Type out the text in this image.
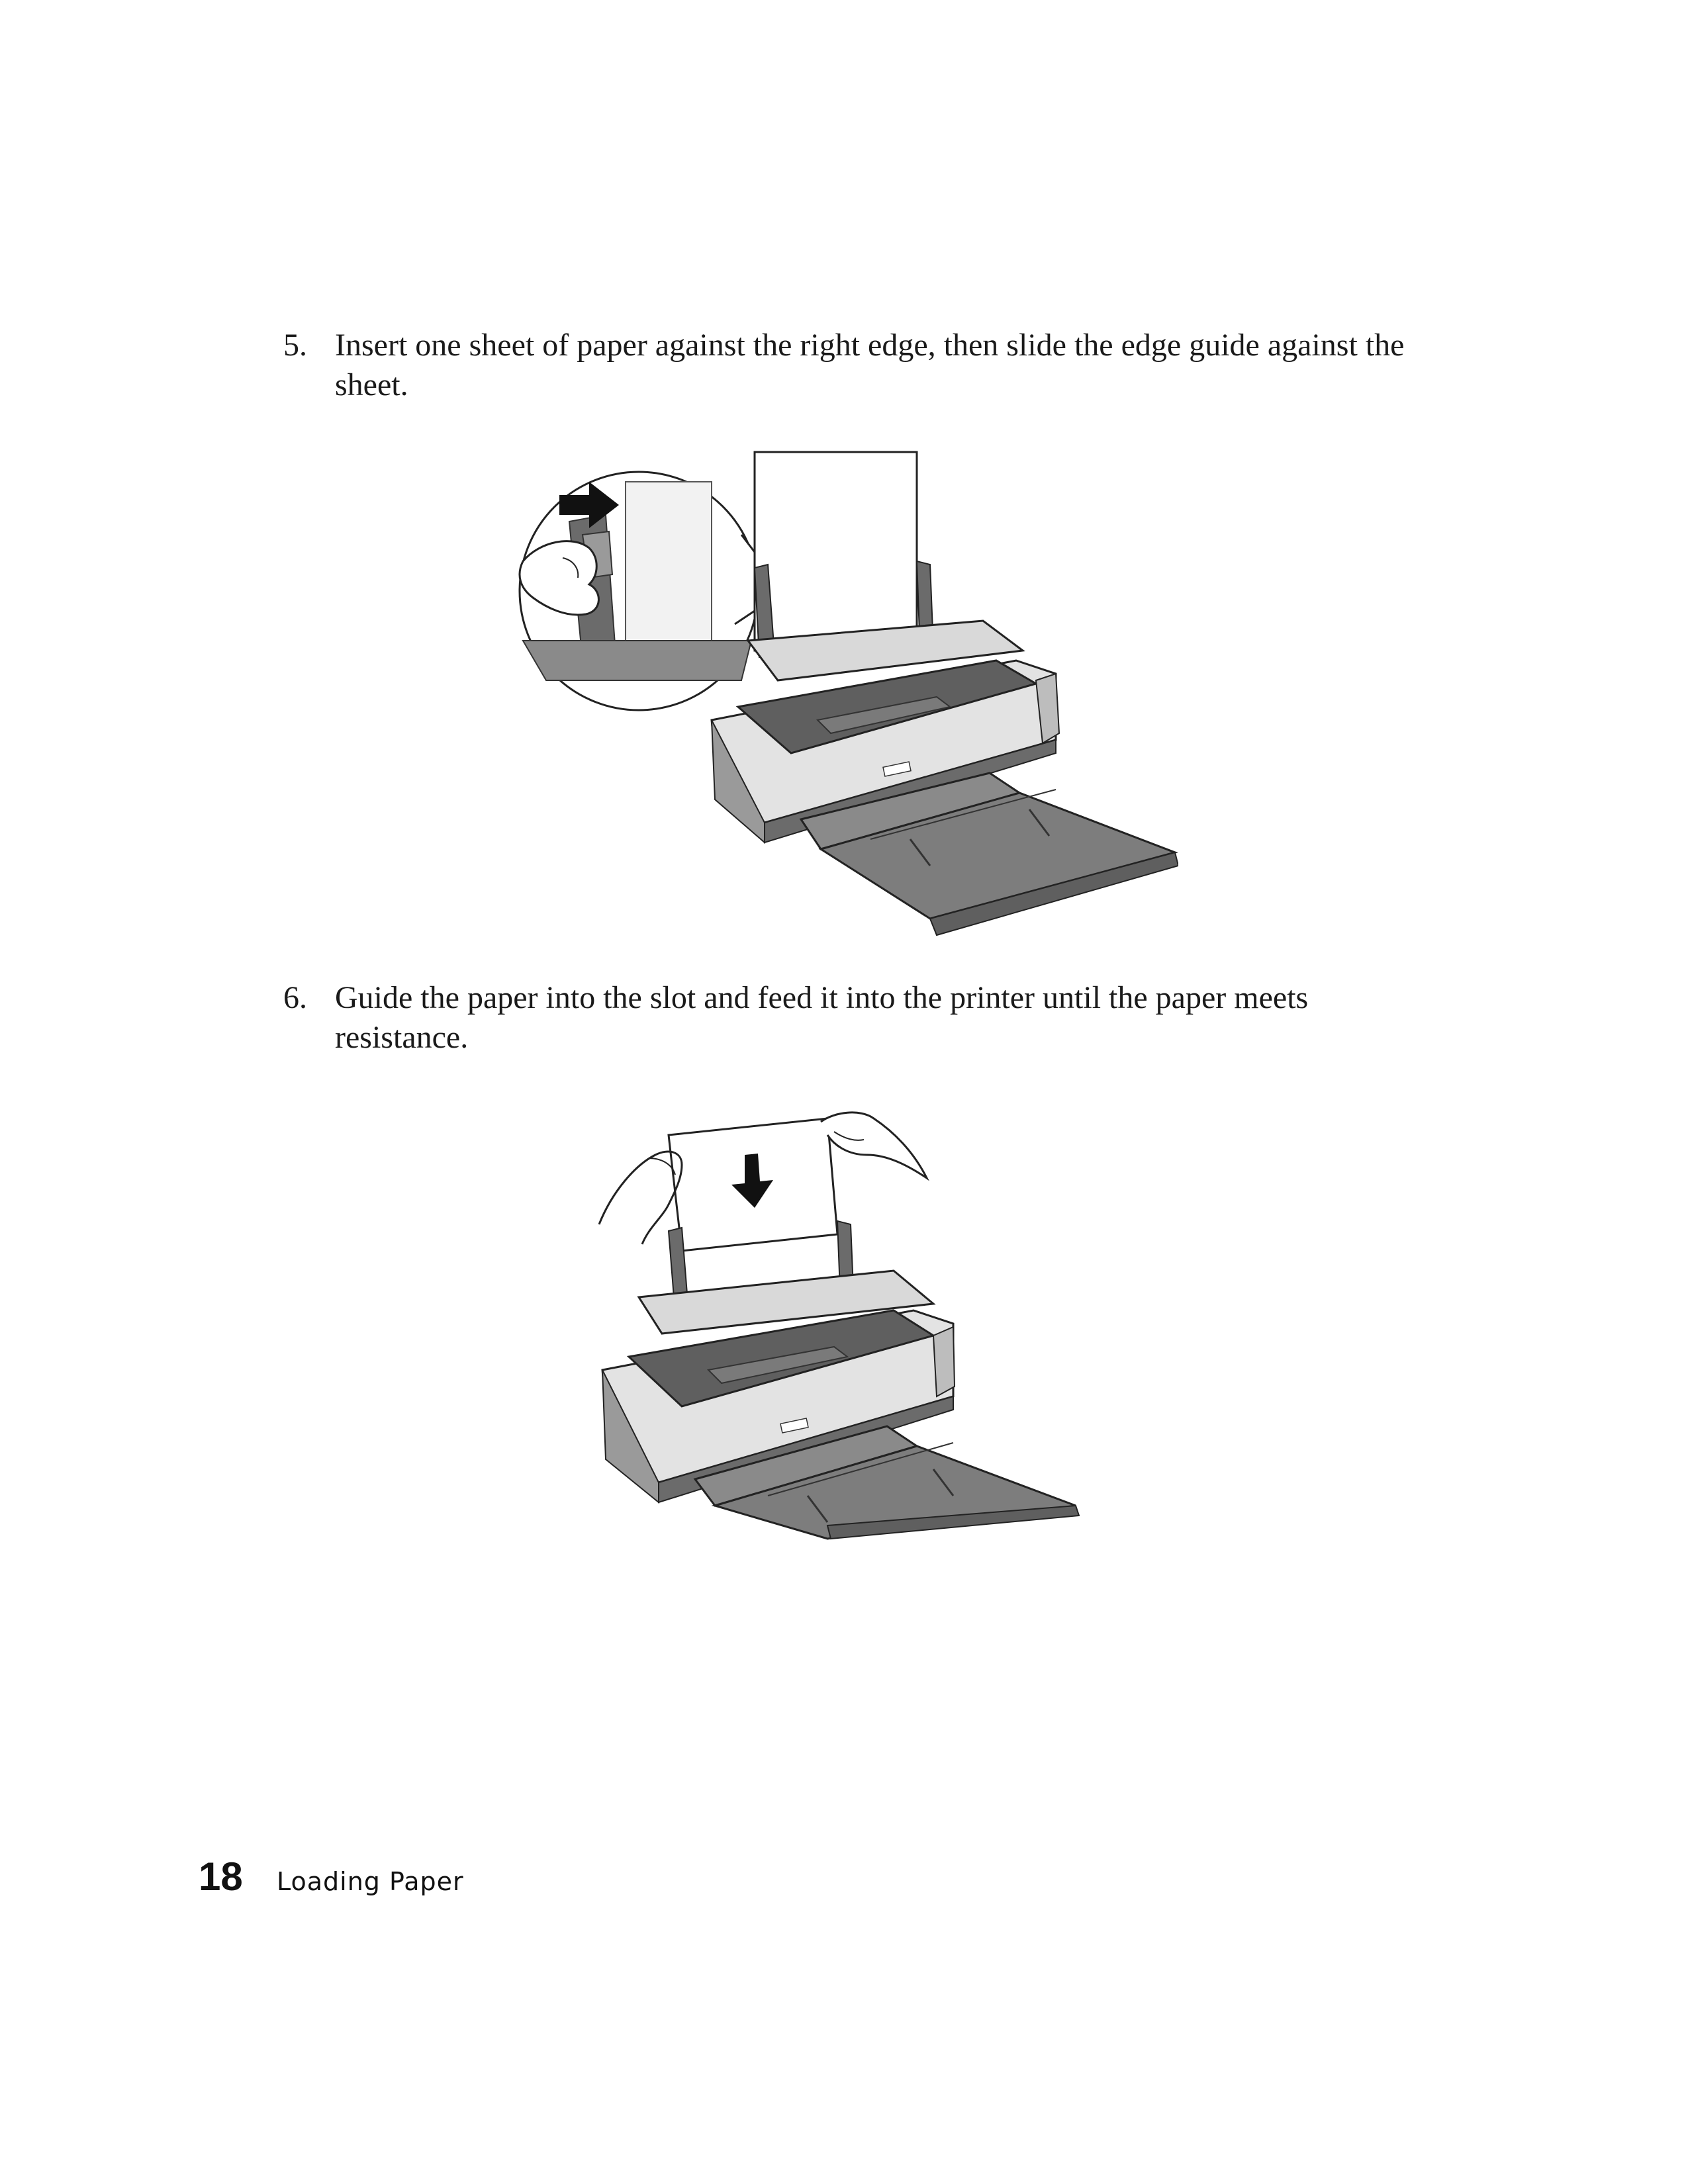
5. Insert one sheet of paper against the right edge, then slide the edge guide against the sheet.
6. Guide the paper into the slot and feed it into the printer until the paper meets resistance.
18 Loading Paper
